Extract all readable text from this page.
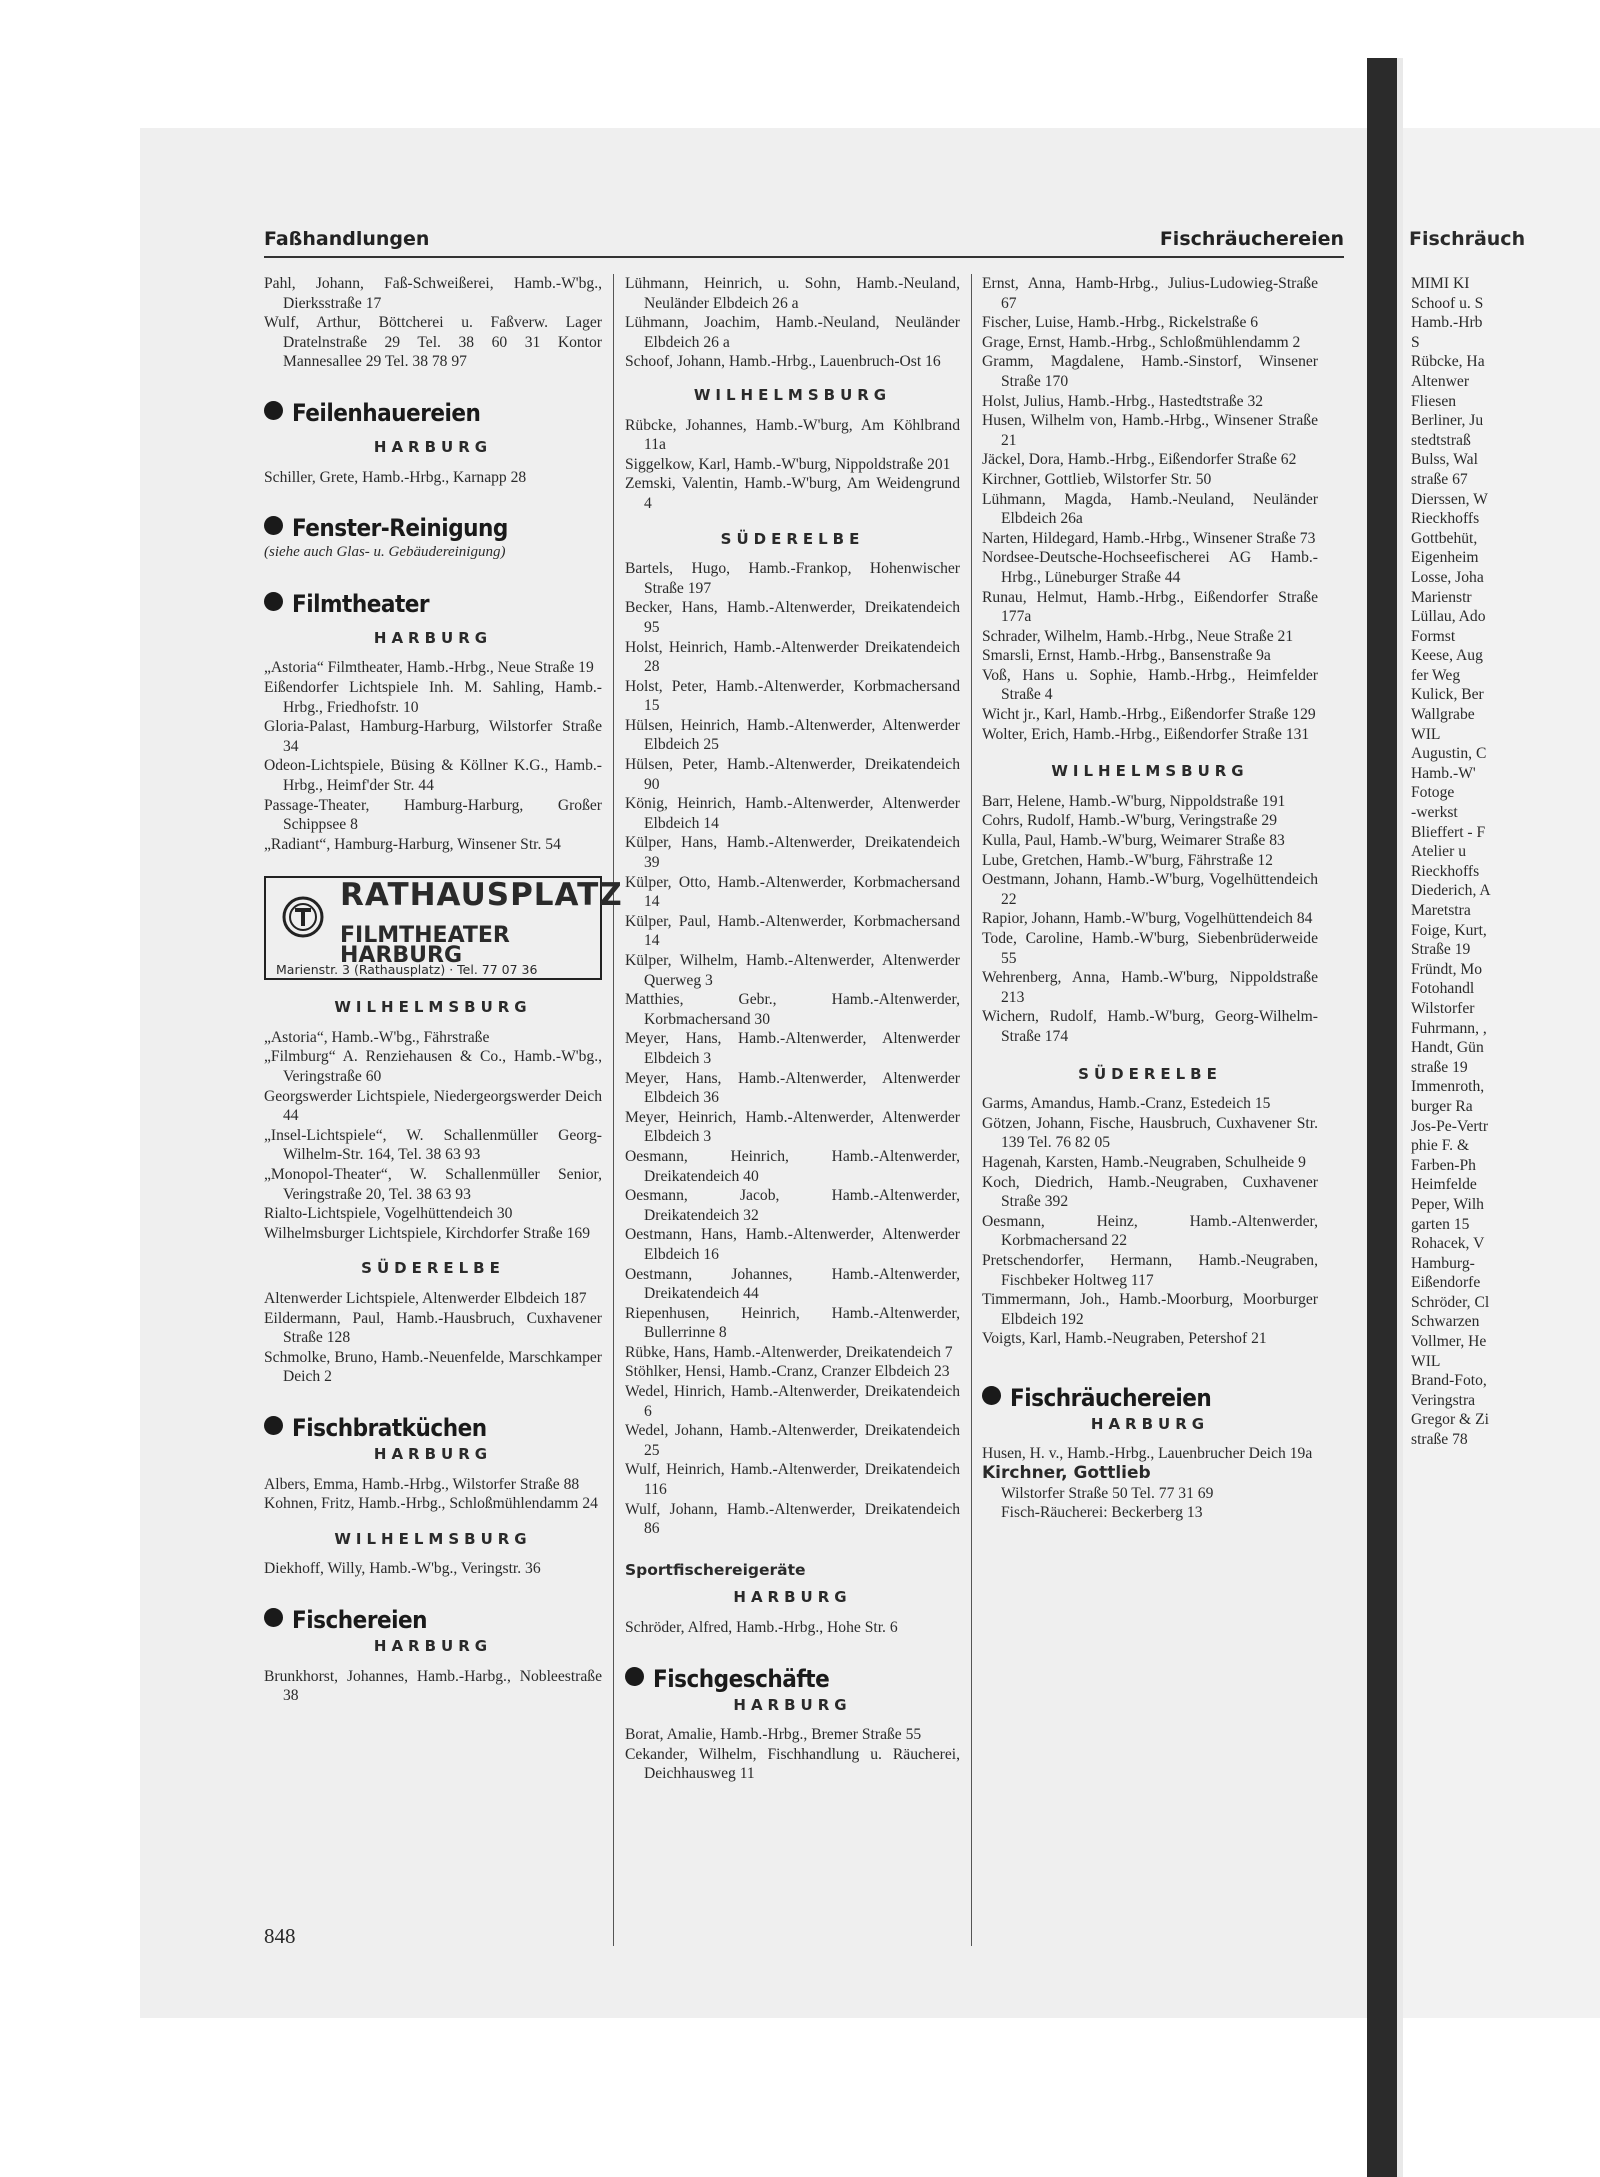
Faßhandlungen	Fischräuchereien
Pahl, Johann, Faß-Schweißerei, Hamb.-W'bg., Dierksstraße 17
Wulf, Arthur, Böttcherei u. Faßverw. Lager Dratelnstraße 29 Tel. 38 60 31 Kontor Mannesallee 29 Tel. 38 78 97
Feilenhauereien
HARBURG
Schiller, Grete, Hamb.-Hrbg., Karnapp 28
Fenster-Reinigung
(siehe auch Glas- u. Gebäudereinigung)
Filmtheater
HARBURG
„Astoria“ Filmtheater, Hamb.-Hrbg., Neue Straße 19
Eißendorfer Lichtspiele Inh. M. Sahling, Hamb.-Hrbg., Friedhofstr. 10
Gloria-Palast, Hamburg-Harburg, Wilstorfer Straße 34
Odeon-Lichtspiele, Büsing & Köllner K.G., Hamb.-Hrbg., Heimf'der Str. 44
Passage-Theater, Hamburg-Harburg, Großer Schippsee 8
„Radiant“, Hamburg-Harburg, Winsener Str. 54
RATHAUSPLATZ
FILMTHEATER HARBURG
Marienstr. 3 (Rathausplatz) · Tel. 77 07 36
WILHELMSBURG
„Astoria“, Hamb.-W'bg., Fährstraße
„Filmburg“ A. Renziehausen & Co., Hamb.-W'bg., Veringstraße 60
Georgswerder Lichtspiele, Niedergeorgswerder Deich 44
„Insel-Lichtspiele“, W. Schallenmüller Georg-Wilhelm-Str. 164, Tel. 38 63 93
„Monopol-Theater“, W. Schallenmüller Senior, Veringstraße 20, Tel. 38 63 93
Rialto-Lichtspiele, Vogelhüttendeich 30
Wilhelmsburger Lichtspiele, Kirchdorfer Straße 169
SÜDERELBE
Altenwerder Lichtspiele, Altenwerder Elbdeich 187
Eildermann, Paul, Hamb.-Hausbruch, Cuxhavener Straße 128
Schmolke, Bruno, Hamb.-Neuenfelde, Marschkamper Deich 2
Fischbratküchen
HARBURG
Albers, Emma, Hamb.-Hrbg., Wilstorfer Straße 88
Kohnen, Fritz, Hamb.-Hrbg., Schloßmühlendamm 24
WILHELMSBURG
Diekhoff, Willy, Hamb.-W'bg., Veringstr. 36
Fischereien
HARBURG
Brunkhorst, Johannes, Hamb.-Harbg., Nobleestraße 38
Lühmann, Heinrich, u. Sohn, Hamb.-Neuland, Neuländer Elbdeich 26 a
Lühmann, Joachim, Hamb.-Neuland, Neuländer Elbdeich 26 a
Schoof, Johann, Hamb.-Hrbg., Lauenbruch-Ost 16
WILHELMSBURG
Rübcke, Johannes, Hamb.-W'burg, Am Köhlbrand 11a
Siggelkow, Karl, Hamb.-W'burg, Nippoldstraße 201
Zemski, Valentin, Hamb.-W'burg, Am Weidengrund 4
SÜDERELBE
Bartels, Hugo, Hamb.-Frankop, Hohenwischer Straße 197
Becker, Hans, Hamb.-Altenwerder, Dreikatendeich 95
Holst, Heinrich, Hamb.-Altenwerder Dreikatendeich 28
Holst, Peter, Hamb.-Altenwerder, Korbmachersand 15
Hülsen, Heinrich, Hamb.-Altenwerder, Altenwerder Elbdeich 25
Hülsen, Peter, Hamb.-Altenwerder, Dreikatendeich 90
König, Heinrich, Hamb.-Altenwerder, Altenwerder Elbdeich 14
Külper, Hans, Hamb.-Altenwerder, Dreikatendeich 39
Külper, Otto, Hamb.-Altenwerder, Korbmachersand 14
Külper, Paul, Hamb.-Altenwerder, Korbmachersand 14
Külper, Wilhelm, Hamb.-Altenwerder, Altenwerder Querweg 3
Matthies, Gebr., Hamb.-Altenwerder, Korbmachersand 30
Meyer, Hans, Hamb.-Altenwerder, Altenwerder Elbdeich 3
Meyer, Hans, Hamb.-Altenwerder, Altenwerder Elbdeich 36
Meyer, Heinrich, Hamb.-Altenwerder, Altenwerder Elbdeich 3
Oesmann, Heinrich, Hamb.-Altenwerder, Dreikatendeich 40
Oesmann, Jacob, Hamb.-Altenwerder, Dreikatendeich 32
Oestmann, Hans, Hamb.-Altenwerder, Altenwerder Elbdeich 16
Oestmann, Johannes, Hamb.-Altenwerder, Dreikatendeich 44
Riepenhusen, Heinrich, Hamb.-Altenwerder, Bullerrinne 8
Rübke, Hans, Hamb.-Altenwerder, Dreikatendeich 7
Stöhlker, Hensi, Hamb.-Cranz, Cranzer Elbdeich 23
Wedel, Hinrich, Hamb.-Altenwerder, Dreikatendeich 6
Wedel, Johann, Hamb.-Altenwerder, Dreikatendeich 25
Wulf, Heinrich, Hamb.-Altenwerder, Dreikatendeich 116
Wulf, Johann, Hamb.-Altenwerder, Dreikatendeich 86
Sportfischereigeräte
HARBURG
Schröder, Alfred, Hamb.-Hrbg., Hohe Str. 6
Fischgeschäfte
HARBURG
Borat, Amalie, Hamb.-Hrbg., Bremer Straße 55
Cekander, Wilhelm, Fischhandlung u. Räucherei, Deichhausweg 11
Ernst, Anna, Hamb-Hrbg., Julius-Ludowieg-Straße 67
Fischer, Luise, Hamb.-Hrbg., Rickelstraße 6
Grage, Ernst, Hamb.-Hrbg., Schloßmühlendamm 2
Gramm, Magdalene, Hamb.-Sinstorf, Winsener Straße 170
Holst, Julius, Hamb.-Hrbg., Hastedtstraße 32
Husen, Wilhelm von, Hamb.-Hrbg., Winsener Straße 21
Jäckel, Dora, Hamb.-Hrbg., Eißendorfer Straße 62
Kirchner, Gottlieb, Wilstorfer Str. 50
Lühmann, Magda, Hamb.-Neuland, Neuländer Elbdeich 26a
Narten, Hildegard, Hamb.-Hrbg., Winsener Straße 73
Nordsee-Deutsche-Hochseefischerei AG Hamb.-Hrbg., Lüneburger Straße 44
Runau, Helmut, Hamb.-Hrbg., Eißendorfer Straße 177a
Schrader, Wilhelm, Hamb.-Hrbg., Neue Straße 21
Smarsli, Ernst, Hamb.-Hrbg., Bansenstraße 9a
Voß, Hans u. Sophie, Hamb.-Hrbg., Heimfelder Straße 4
Wicht jr., Karl, Hamb.-Hrbg., Eißendorfer Straße 129
Wolter, Erich, Hamb.-Hrbg., Eißendorfer Straße 131
WILHELMSBURG
Barr, Helene, Hamb.-W'burg, Nippoldstraße 191
Cohrs, Rudolf, Hamb.-W'burg, Veringstraße 29
Kulla, Paul, Hamb.-W'burg, Weimarer Straße 83
Lube, Gretchen, Hamb.-W'burg, Fährstraße 12
Oestmann, Johann, Hamb.-W'burg, Vogelhüttendeich 22
Rapior, Johann, Hamb.-W'burg, Vogelhüttendeich 84
Tode, Caroline, Hamb.-W'burg, Siebenbrüderweide 55
Wehrenberg, Anna, Hamb.-W'burg, Nippoldstraße 213
Wichern, Rudolf, Hamb.-W'burg, Georg-Wilhelm-Straße 174
SÜDERELBE
Garms, Amandus, Hamb.-Cranz, Estedeich 15
Götzen, Johann, Fische, Hausbruch, Cuxhavener Str. 139 Tel. 76 82 05
Hagenah, Karsten, Hamb.-Neugraben, Schulheide 9
Koch, Diedrich, Hamb.-Neugraben, Cuxhavener Straße 392
Oesmann, Heinz, Hamb.-Altenwerder, Korbmachersand 22
Pretschendorfer, Hermann, Hamb.-Neugraben, Fischbeker Holtweg 117
Timmermann, Joh., Hamb.-Moorburg, Moorburger Elbdeich 192
Voigts, Karl, Hamb.-Neugraben, Petershof 21
Fischräuchereien
HARBURG
Husen, H. v., Hamb.-Hrbg., Lauenbrucher Deich 19a
Kirchner, Gottlieb
Wilstorfer Straße 50 Tel. 77 31 69
Fisch-Räucherei: Beckerberg 13
848
Fischräuch
MIMI KI
Schoof u. S
Hamb.-Hrb
S
Rübcke, Ha
Altenwer
Fliesen
Berliner, Ju
stedtstraß
Bulss, Wal
straße 67
Dierssen, W
Rieckhoffs
Gottbehüt,
Eigenheim
Losse, Joha
Marienstr
Lüllau, Ado
Formst
Keese, Aug
fer Weg
Kulick, Ber
Wallgrabe
WIL
Augustin, C
Hamb.-W'
Fotoge
-werkst
Blieffert - F
Atelier u
Rieckhoffs
Diederich, A
Maretstra
Foige, Kurt,
Straße 19
Fründt, Mo
Fotohandl
Wilstorfer
Fuhrmann, ,
Handt, Gün
straße 19
Immenroth,
burger Ra
Jos-Pe-Vertr
phie F. &
Farben-Ph
Heimfelde
Peper, Wilh
garten 15
Rohacek, V
Hamburg-
Eißendorfe
Schröder, Cl
Schwarzen
Vollmer, He
WIL
Brand-Foto,
Veringstra
Gregor & Zi
straße 78
